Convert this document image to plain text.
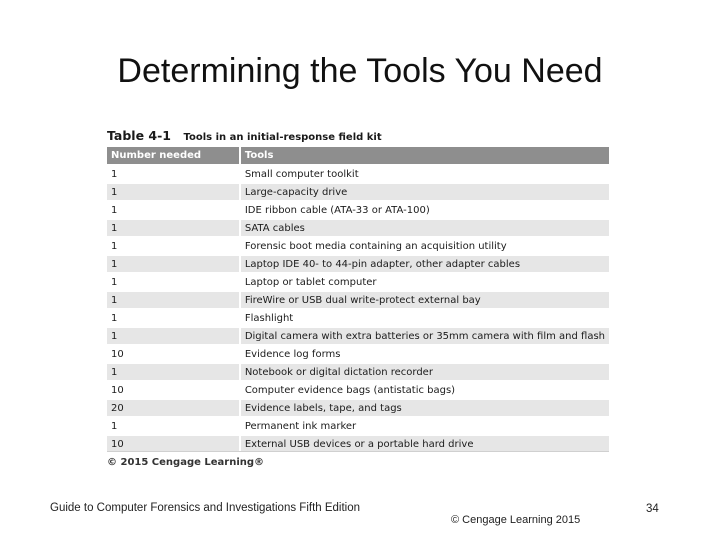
Determining the Tools You Need
Table 4-1 Tools in an initial-response field kit
Number needed	Tools
1	Small computer toolkit
1	Large-capacity drive
1	IDE ribbon cable (ATA-33 or ATA-100)
1	SATA cables
1	Forensic boot media containing an acquisition utility
1	Laptop IDE 40- to 44-pin adapter, other adapter cables
1	Laptop or tablet computer
1	FireWire or USB dual write-protect external bay
1	Flashlight
1	Digital camera with extra batteries or 35mm camera with film and flash
10	Evidence log forms
1	Notebook or digital dictation recorder
10	Computer evidence bags (antistatic bags)
20	Evidence labels, tape, and tags
1	Permanent ink marker
10	External USB devices or a portable hard drive
© 2015 Cengage Learning®
Guide to Computer Forensics and Investigations Fifth Edition
© Cengage Learning 2015
34
